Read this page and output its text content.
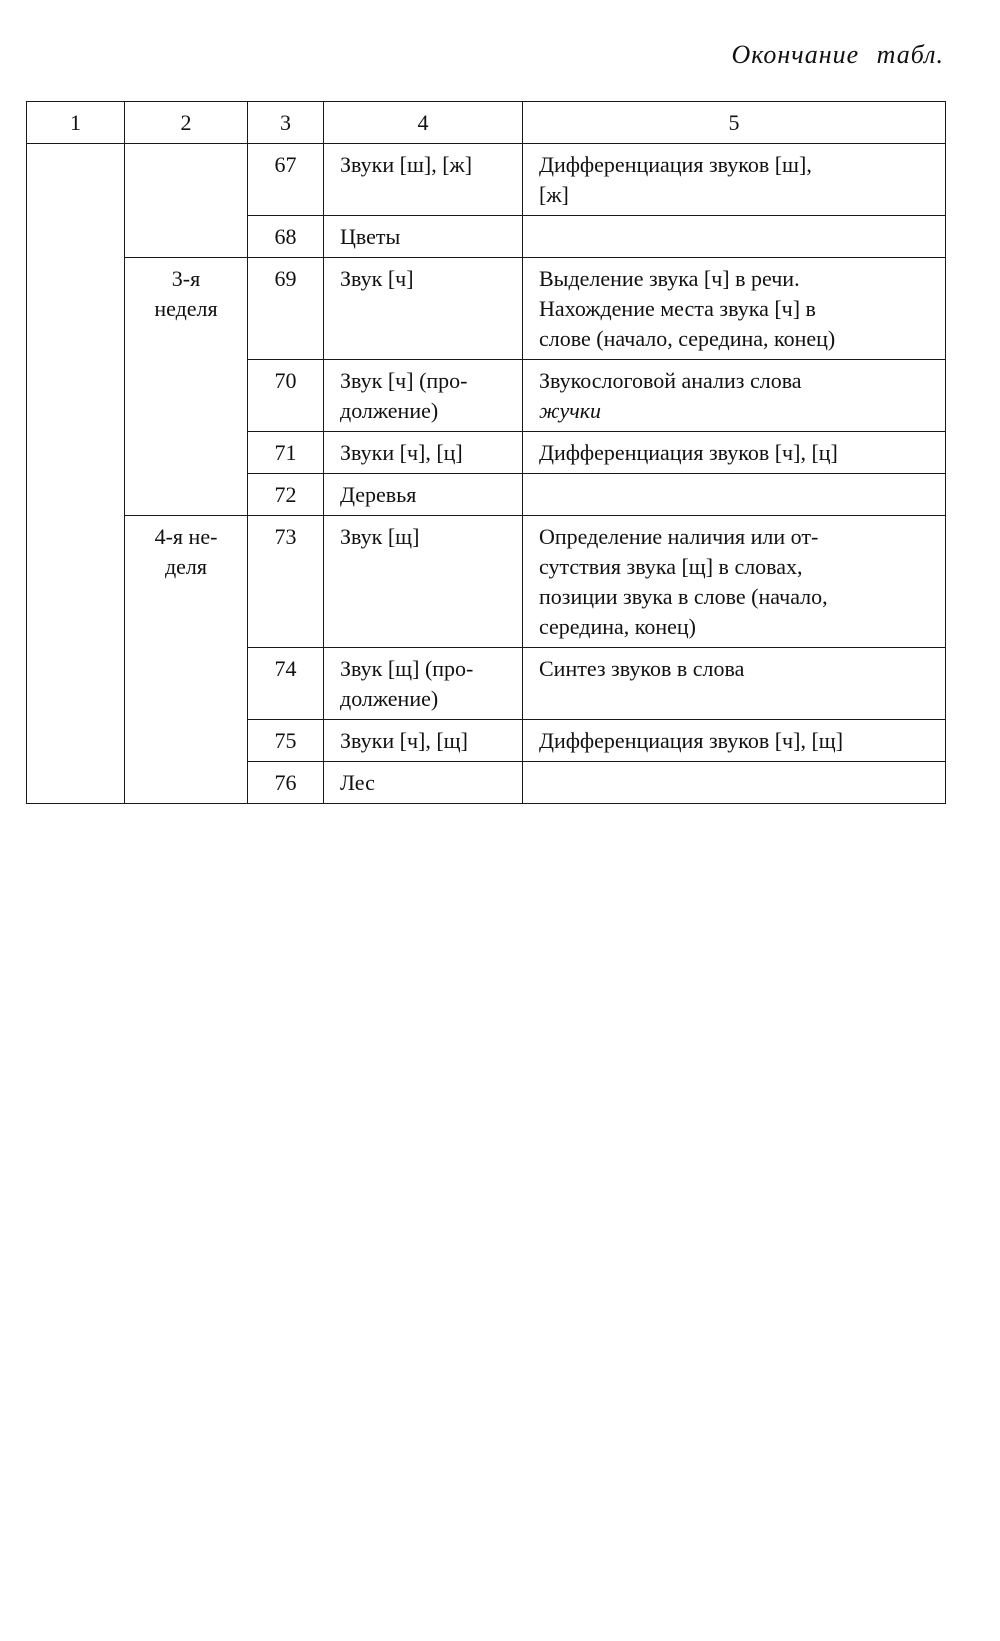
Окончание табл.
1	2	3	4	5
		67	Звуки [ш], [ж]	Дифференциация звуков [ш],
[ж]

		68	Цветы	

	3-я
неделя	69	Звук [ч]	Выделение звука [ч] в речи.
Нахождение места звука [ч] в
слове (начало, середина, конец)

		70	Звук [ч] (про-
должение)	Звукослоговой анализ слова
жучки

		71	Звуки [ч], [ц]	Дифференциация звуков [ч], [ц]

		72	Деревья	

	4-я не-
деля	73	Звук [щ]	Определение наличия или от-
сутствия звука [щ] в словах,
позиции звука в слове (начало,
середина, конец)

		74	Звук [щ] (про-
должение)	Синтез звуков в слова

		75	Звуки [ч], [щ]	Дифференциация звуков [ч], [щ]

		76	Лес	
